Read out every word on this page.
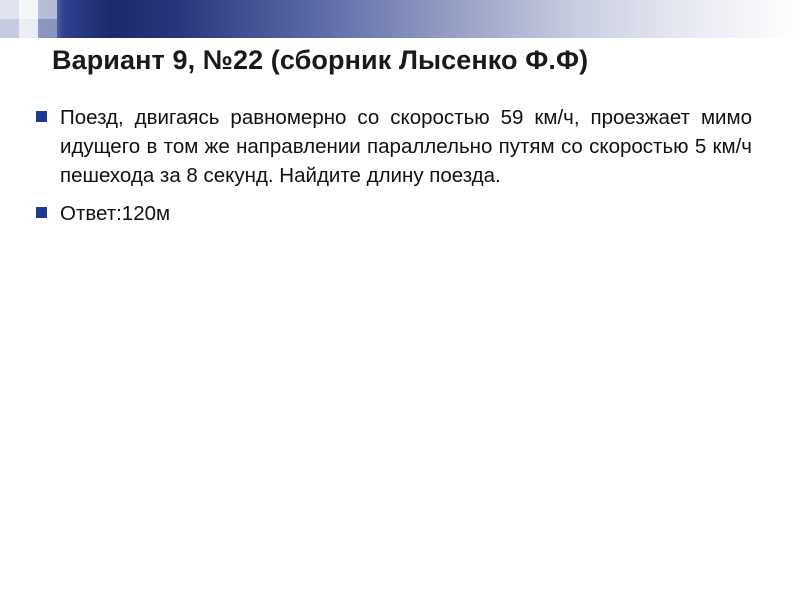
Вариант 9, №22 (сборник Лысенко Ф.Ф)
Поезд, двигаясь равномерно со скоростью 59 км/ч, проезжает мимо идущего в том же направлении параллельно путям со скоростью 5 км/ч пешехода за 8 секунд. Найдите длину поезда.
Ответ:120м
